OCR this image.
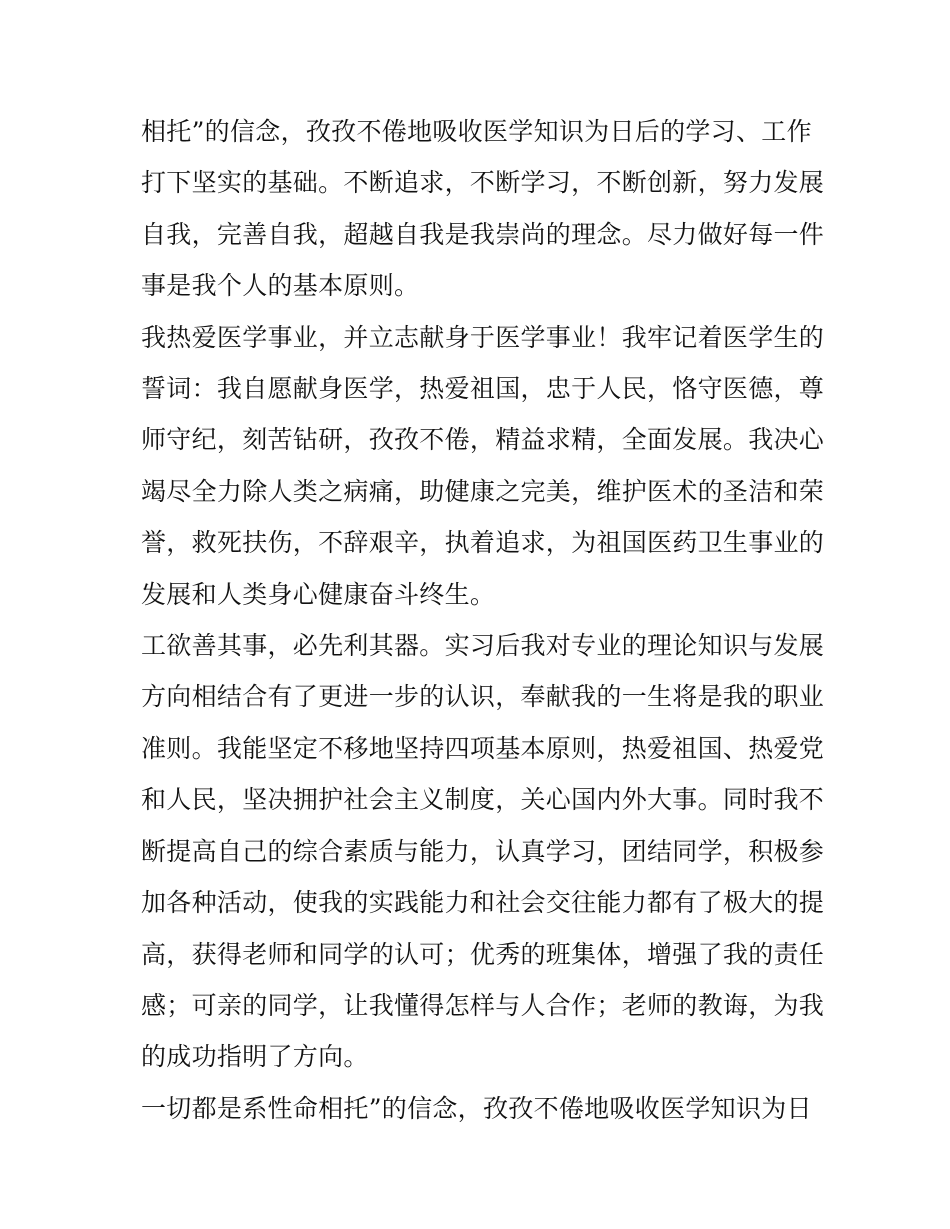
相托”的信念，孜孜不倦地吸收医学知识为日后的学习、工作
打下坚实的基础。不断追求，不断学习，不断创新，努力发展
自我，完善自我，超越自我是我崇尚的理念。尽力做好每一件
事是我个人的基本原则。

我热爱医学事业，并立志献身于医学事业！我牢记着医学生的
誓词：我自愿献身医学，热爱祖国，忠于人民，恪守医德，尊
师守纪，刻苦钻研，孜孜不倦，精益求精，全面发展。我决心
竭尽全力除人类之病痛，助健康之完美，维护医术的圣洁和荣
誉，救死扶伤，不辞艰辛，执着追求，为祖国医药卫生事业的
发展和人类身心健康奋斗终生。

工欲善其事，必先利其器。实习后我对专业的理论知识与发展
方向相结合有了更进一步的认识，奉献我的一生将是我的职业
准则。我能坚定不移地坚持四项基本原则，热爱祖国、热爱党
和人民，坚决拥护社会主义制度，关心国内外大事。同时我不
断提高自己的综合素质与能力，认真学习，团结同学，积极参
加各种活动，使我的实践能力和社会交往能力都有了极大的提
高，获得老师和同学的认可；优秀的班集体，增强了我的责任
感；可亲的同学，让我懂得怎样与人合作；老师的教诲，为我
的成功指明了方向。

一切都是系性命相托”的信念，孜孜不倦地吸收医学知识为日
